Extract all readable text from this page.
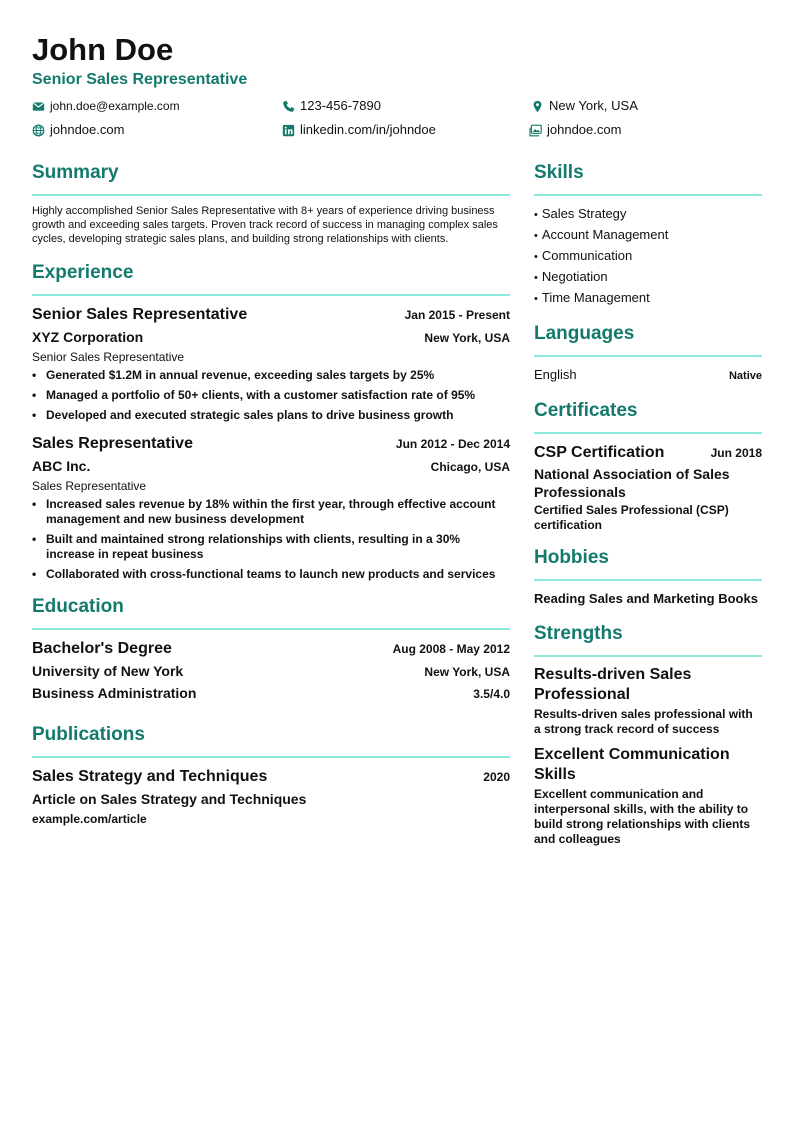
John Doe
Senior Sales Representative
john.doe@example.com	123-456-7890	New York, USA
johndoe.com	linkedin.com/in/johndoe	johndoe.com
Summary

Highly accomplished Senior Sales Representative with 8+ years of experience driving business growth and exceeding sales targets. Proven track record of success in managing complex sales cycles, developing strategic sales plans, and building strong relationships with clients.

Experience
Senior Sales Representative	Jan 2015 - Present
XYZ Corporation	New York, USA
Senior Sales Representative
• Generated $1.2M in annual revenue, exceeding sales targets by 25%
• Managed a portfolio of 50+ clients, with a customer satisfaction rate of 95%
• Developed and executed strategic sales plans to drive business growth
Sales Representative	Jun 2012 - Dec 2014
ABC Inc.	Chicago, USA
Sales Representative
• Increased sales revenue by 18% within the first year, through effective account management and new business development
• Built and maintained strong relationships with clients, resulting in a 30% increase in repeat business
• Collaborated with cross-functional teams to launch new products and services
Education
Bachelor's Degree	Aug 2008 - May 2012
University of New York	New York, USA
Business Administration	3.5/4.0
Publications
Sales Strategy and Techniques	2020
Article on Sales Strategy and Techniques
example.com/article
Skills
• Sales Strategy
• Account Management
• Communication
• Negotiation
• Time Management
Languages
English	Native
Certificates
CSP Certification	Jun 2018
National Association of Sales Professionals
Certified Sales Professional (CSP) certification
Hobbies
Reading Sales and Marketing Books
Strengths
Results-driven Sales Professional
Results-driven sales professional with a strong track record of success
Excellent Communication Skills
Excellent communication and interpersonal skills, with the ability to build strong relationships with clients and colleagues
